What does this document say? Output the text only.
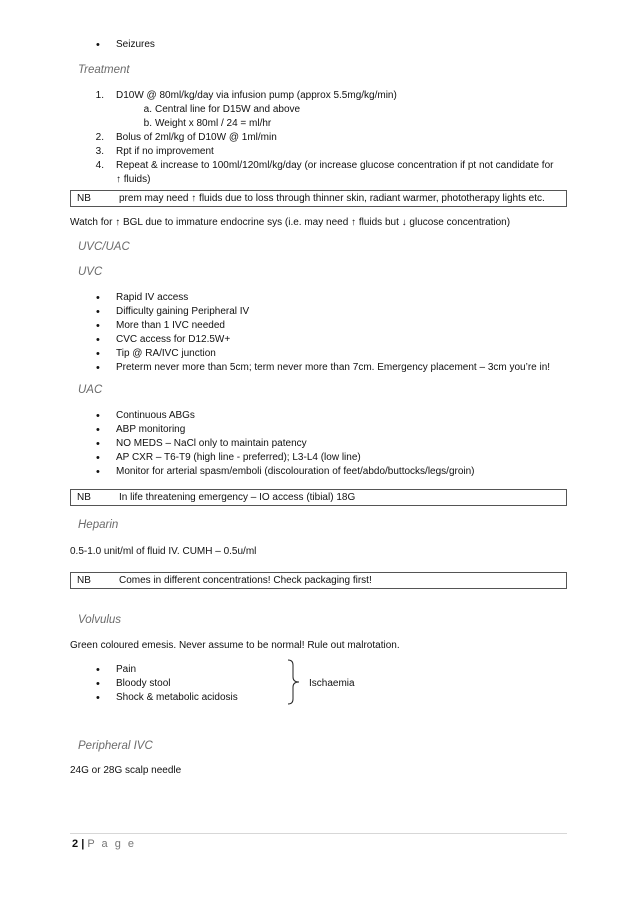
• Seizures
Treatment
1. D10W @ 80ml/kg/day via infusion pump (approx 5.5mg/kg/min)
a. Central line for D15W and above
b. Weight x 80ml / 24 = ml/hr
2. Bolus of 2ml/kg of D10W @ 1ml/min
3. Rpt if no improvement
4. Repeat & increase to 100ml/120ml/kg/day (or increase glucose concentration if pt not candidate for
↑ fluids)
NB	prem may need ↑ fluids due to loss through thinner skin, radiant warmer, phototherapy lights etc.
Watch for ↑ BGL due to immature endocrine sys (i.e. may need ↑ fluids but ↓ glucose concentration)
UVC/UAC
UVC
• Rapid IV access
• Difficulty gaining Peripheral IV
• More than 1 IVC needed
• CVC access for D12.5W+
• Tip @ RA/IVC junction
• Preterm never more than 5cm; term never more than 7cm. Emergency placement – 3cm you’re in!
UAC
• Continuous ABGs
• ABP monitoring
• NO MEDS – NaCl only to maintain patency
• AP CXR – T6-T9 (high line - preferred); L3-L4 (low line)
• Monitor for arterial spasm/emboli (discolouration of feet/abdo/buttocks/legs/groin)
NB	In life threatening emergency – IO access (tibial) 18G
Heparin
0.5-1.0 unit/ml of fluid IV. CUMH – 0.5u/ml
NB	Comes in different concentrations! Check packaging first!
Volvulus
Green coloured emesis. Never assume to be normal! Rule out malrotation.
• Pain
• Bloody stool
• Shock & metabolic acidosis
Ischaemia
Peripheral IVC
24G or 28G scalp needle
2 | P a g e
